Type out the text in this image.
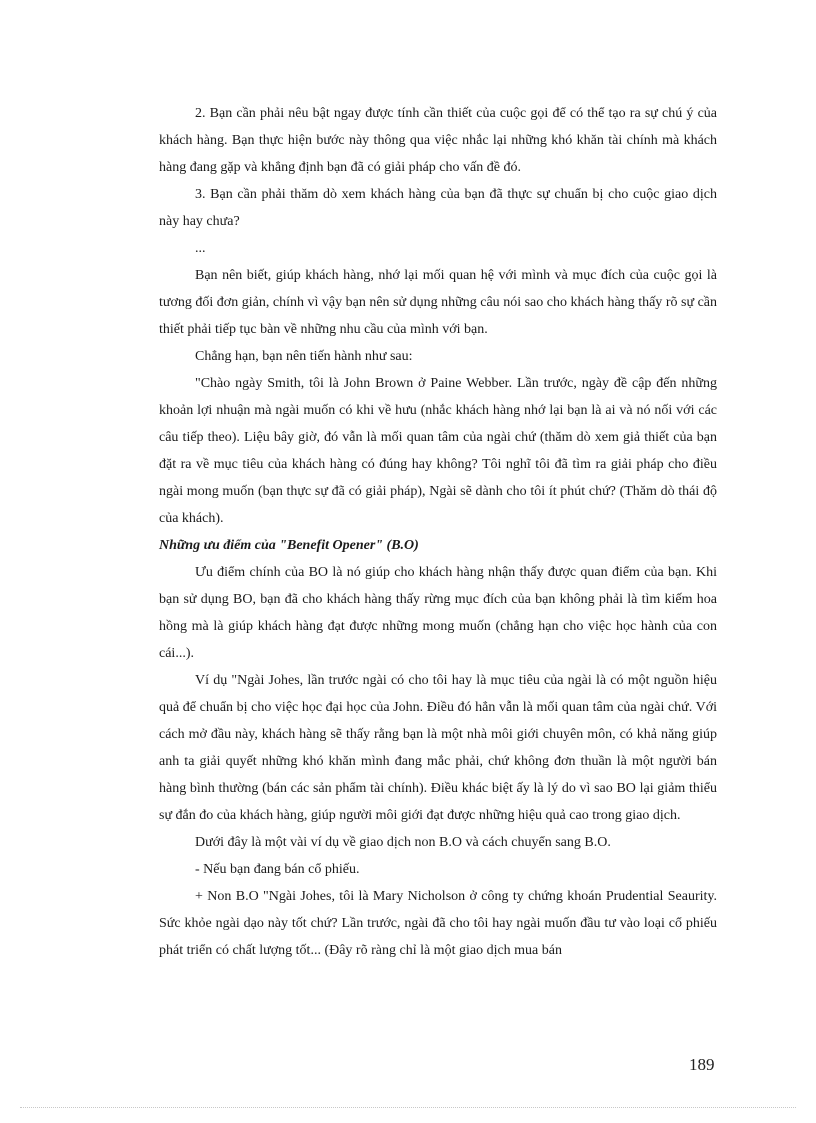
2. Bạn cần phải nêu bật ngay được tính cần thiết của cuộc gọi để có thể tạo ra sự chú ý của khách hàng. Bạn thực hiện bước này thông qua việc nhắc lại những khó khăn tài chính mà khách hàng đang gặp và khẳng định bạn đã có giải pháp cho vấn đề đó.

3. Bạn cần phải thăm dò xem khách hàng của bạn đã thực sự chuẩn bị cho cuộc giao dịch này hay chưa?

...

Bạn nên biết, giúp khách hàng, nhớ lại mối quan hệ với mình và mục đích của cuộc gọi là tương đối đơn giản, chính vì vậy bạn nên sử dụng những câu nói sao cho khách hàng thấy rõ sự cần thiết phải tiếp tục bàn về những nhu cầu của mình với bạn.

Chẳng hạn, bạn nên tiến hành như sau:

"Chào ngày Smith, tôi là John Brown ở Paine Webber. Lần trước, ngày đề cập đến những khoản lợi nhuận mà ngài muốn có khi về hưu (nhắc khách hàng nhớ lại bạn là ai và nó nối với các câu tiếp theo). Liệu bây giờ, đó vẫn là mối quan tâm của ngài chứ (thăm dò xem giả thiết của bạn đặt ra về mục tiêu của khách hàng có đúng hay không? Tôi nghĩ tôi đã tìm ra giải pháp cho điều ngài mong muốn (bạn thực sự đã có giải pháp), Ngài sẽ dành cho tôi ít phút chứ? (Thăm dò thái độ của khách).

Những ưu điểm của "Benefit Opener" (B.O)

Ưu điểm chính của BO là nó giúp cho khách hàng nhận thấy được quan điểm của bạn. Khi bạn sử dụng BO, bạn đã cho khách hàng thấy rừng mục đích của bạn không phải là tìm kiếm hoa hồng mà là giúp khách hàng đạt được những mong muốn (chẳng hạn cho việc học hành của con cái...).

Ví dụ "Ngài Johes, lần trước ngài có cho tôi hay là mục tiêu của ngài là có một nguồn hiệu quả để chuẩn bị cho việc học đại học của John. Điều đó hẳn vẫn là mối quan tâm của ngài chứ. Với cách mở đầu này, khách hàng sẽ thấy rằng bạn là một nhà môi giới chuyên môn, có khả năng giúp anh ta giải quyết những khó khăn mình đang mắc phải, chứ không đơn thuần là một người bán hàng bình thường (bán các sản phẩm tài chính). Điều khác biệt ấy là lý do vì sao BO lại giảm thiểu sự đắn đo của khách hàng, giúp người môi giới đạt được những hiệu quả cao trong giao dịch.

Dưới đây là một vài ví dụ về giao dịch non B.O và cách chuyển sang B.O.

- Nếu bạn đang bán cổ phiếu.

+ Non B.O "Ngài Johes, tôi là Mary Nicholson ở công ty chứng khoán Prudential Seaurity. Sức khỏe ngài dạo này tốt chứ? Lần trước, ngài đã cho tôi hay ngài muốn đầu tư vào loại cổ phiếu phát triển có chất lượng tốt... (Đây rõ ràng chỉ là một giao dịch mua bán

189
